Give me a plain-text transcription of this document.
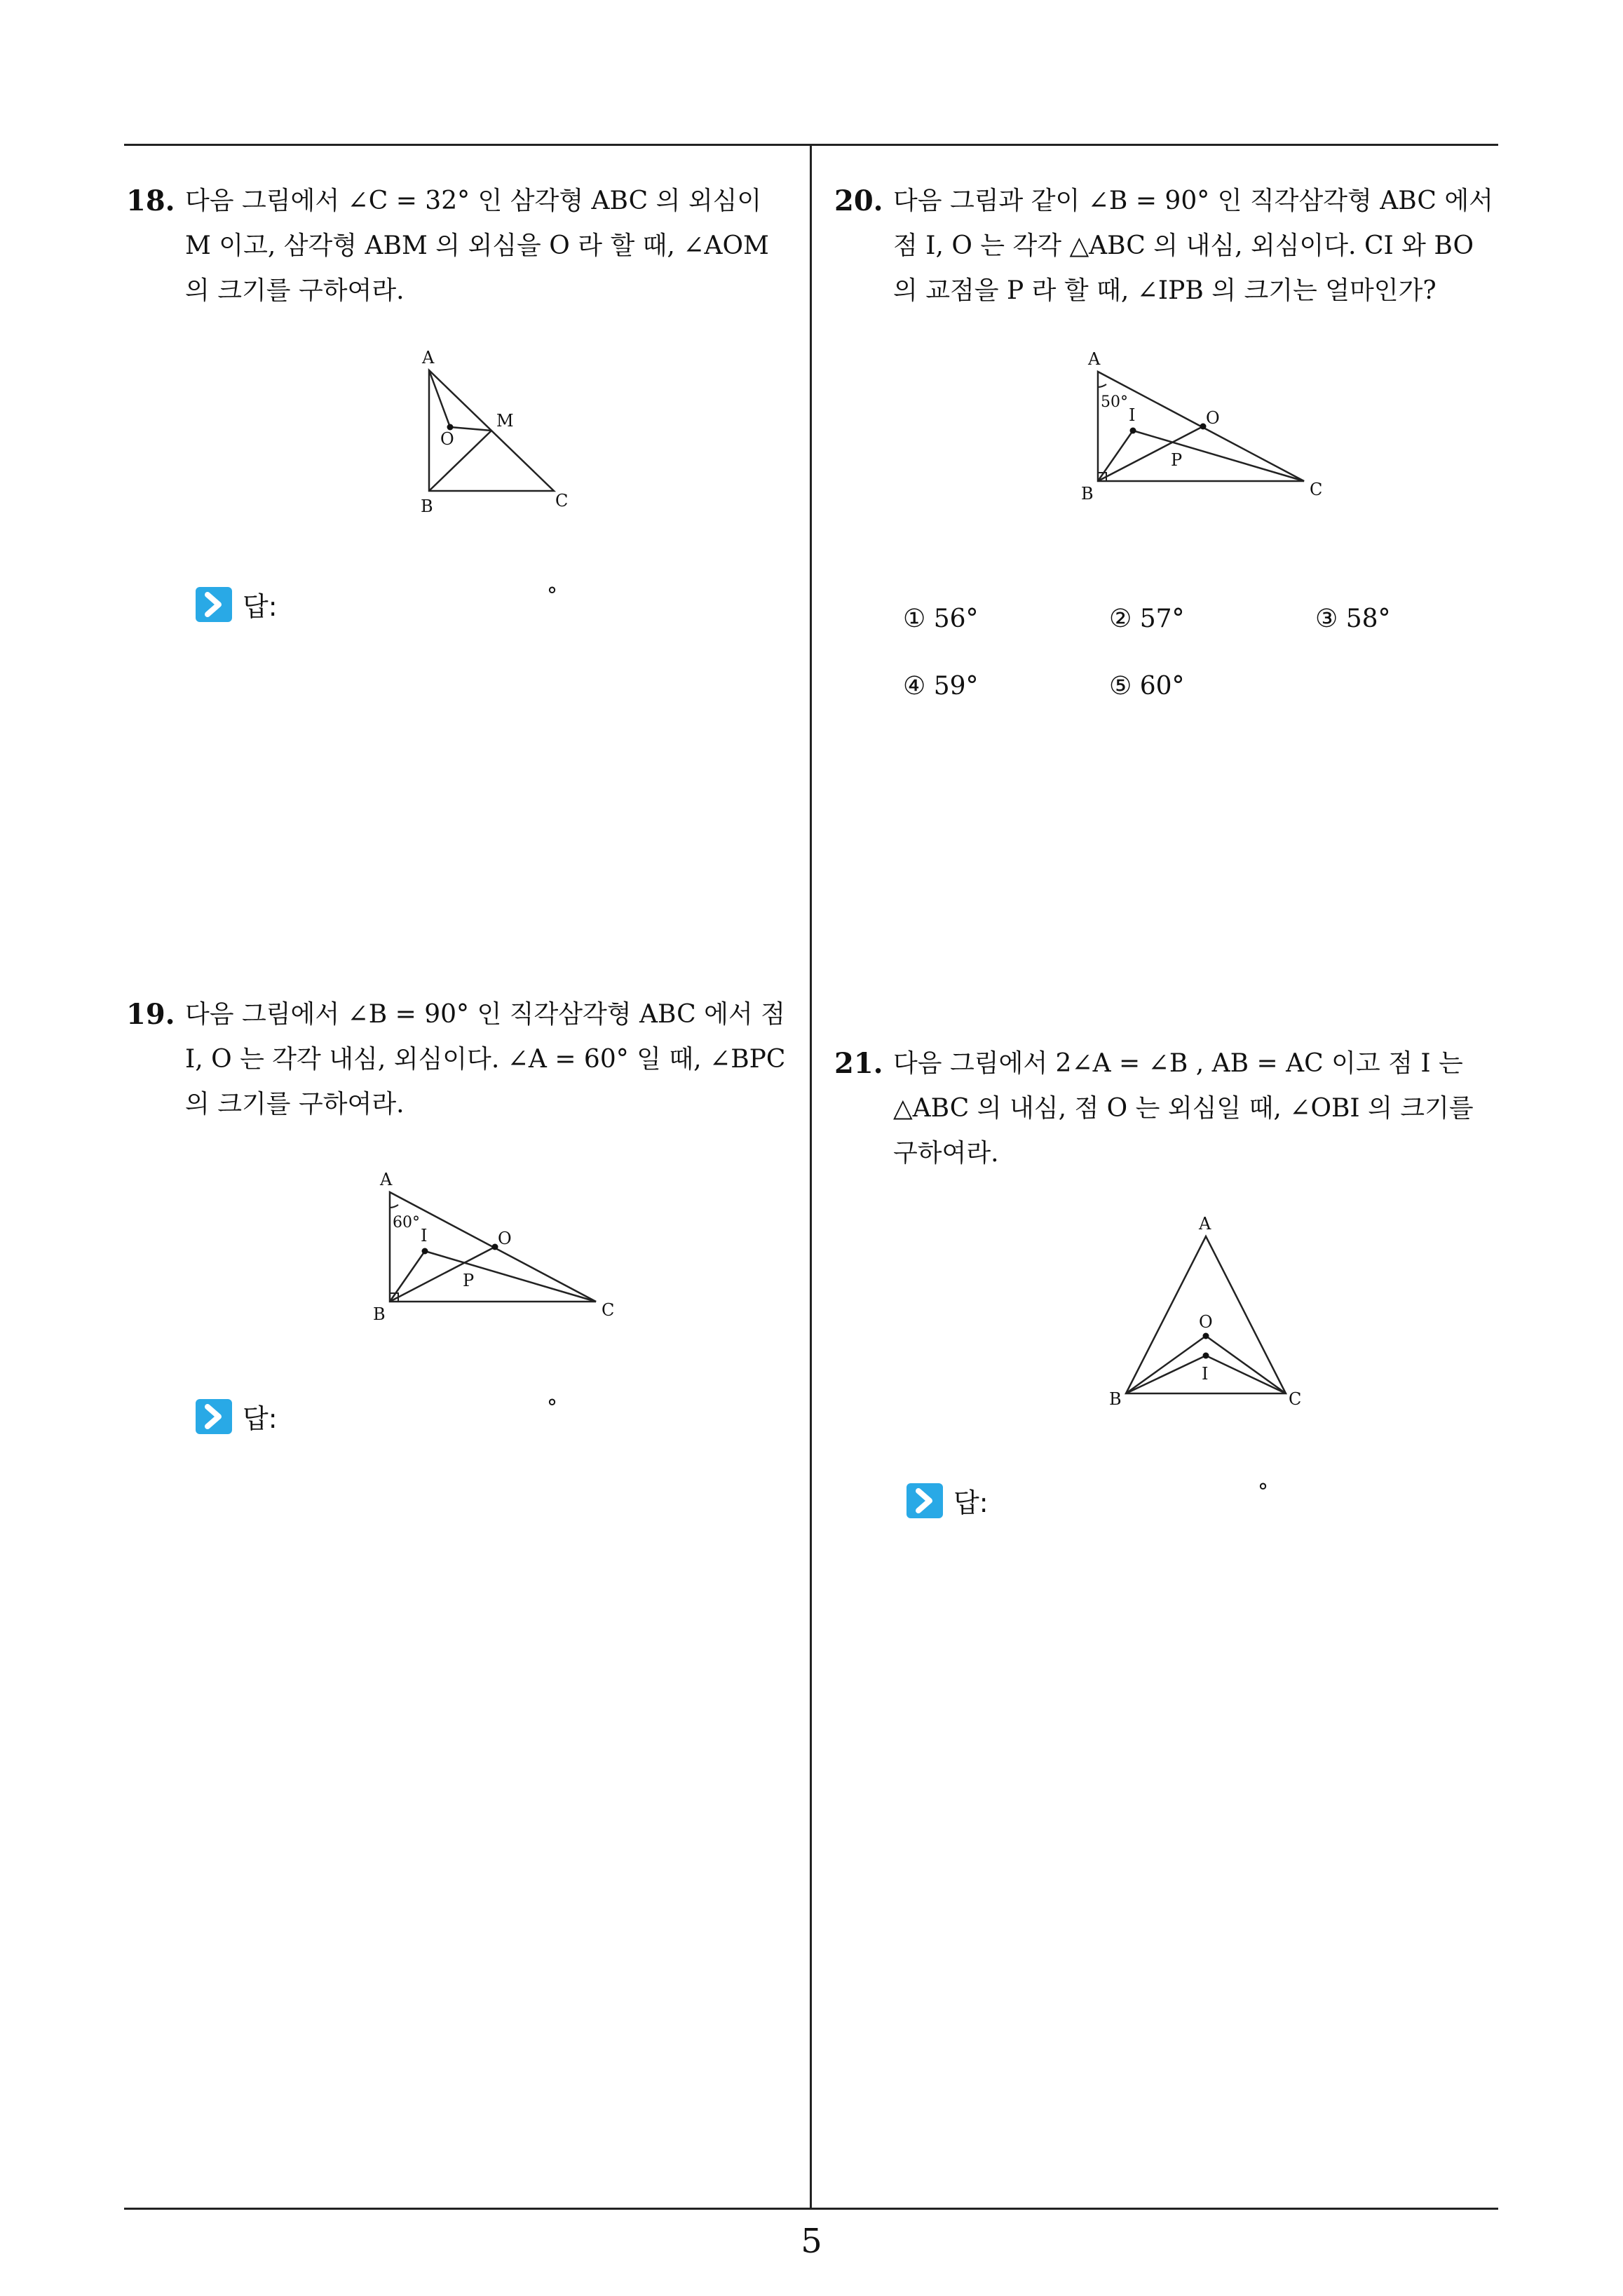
18. 다음 그림에서 ∠C = 32° 인 삼각형 ABC 의 외심이
M 이고, 삼각형 ABM 의 외심을 O 라 할 때, ∠AOM
의 크기를 구하여라.
A
B	C
M
O
답:	°
19. 다음 그림에서 ∠B = 90° 인 직각삼각형 ABC 에서 점
I, O 는 각각 내심, 외심이다. ∠A = 60° 일 때, ∠BPC
의 크기를 구하여라.
A
B	C
I	O
P
60°
답:	°
20. 다음 그림과 같이 ∠B = 90° 인 직각삼각형 ABC 에서
점 I, O 는 각각 △ABC 의 내심, 외심이다. CI 와 BO
의 교점을 P 라 할 때, ∠IPB 의 크기는 얼마인가?
A
B	C
I	O
P
50°
① 56°	② 57°	③ 58°
④ 59°	⑤ 60°
21. 다음 그림에서 2∠A = ∠B , AB = AC 이고 점 I 는
△ABC 의 내심, 점 O 는 외심일 때, ∠OBI 의 크기를
구하여라.
A
B	C
O
I
답:	°
5
